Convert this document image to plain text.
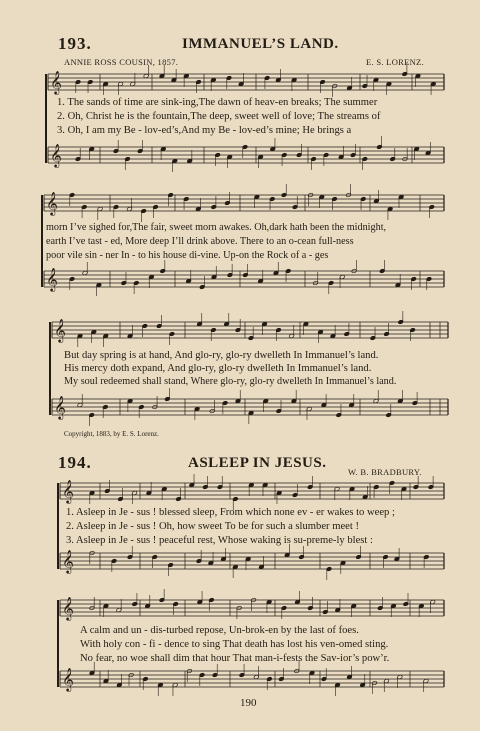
𝄞
𝄞
𝄞
𝄞
𝄞
𝄞
𝄞
𝄞
𝄞
𝄞
193.	IMMANUEL’S LAND.
ANNIE ROSS COUSIN, 1857.	E. S. LORENZ.
1. The sands of time are sink-ing,The dawn of heav-en breaks; The summer
2. Oh, Christ he is the fountain,The deep, sweet well of love; The streams of
3. Oh, I am my Be - lov-ed’s,And my Be - lov-ed’s mine; He brings a
morn I’ve sighed for,The fair, sweet morn awakes. Oh,dark hath been the midnight,
earth I’ve tast - ed, More deep I’ll drink above. There to an o-cean full-ness
poor vile sin - ner In - to his house di-vine. Up-on the Rock of a - ges
But day spring is at hand, And glo-ry, glo-ry dwelleth In Immanuel’s land.
His mercy doth expand, And glo-ry, glo-ry dwelleth In Immanuel’s land.
My soul redeemed shall stand, Where glo-ry, glo-ry dwelleth In Immanuel’s land.
Copyright, 1883, by E. S. Lorenz.
194.	ASLEEP IN JESUS.
W. B. BRADBURY.
1. Asleep in Je - sus ! blessed sleep, From which none ev - er wakes to weep ;
2. Asleep in Je - sus ! Oh, how sweet To be for such a slumber meet !
3. Asleep in Je - sus ! peaceful rest, Whose waking is su-preme-ly blest :
A calm and un - dis-turbed repose, Un-brok-en by the last of foes.
With holy con - fi - dence to sing That death has lost his ven-omed sting.
No fear, no woe shall dim that hour That man-i-fests the Sav-ior’s pow’r.
190
